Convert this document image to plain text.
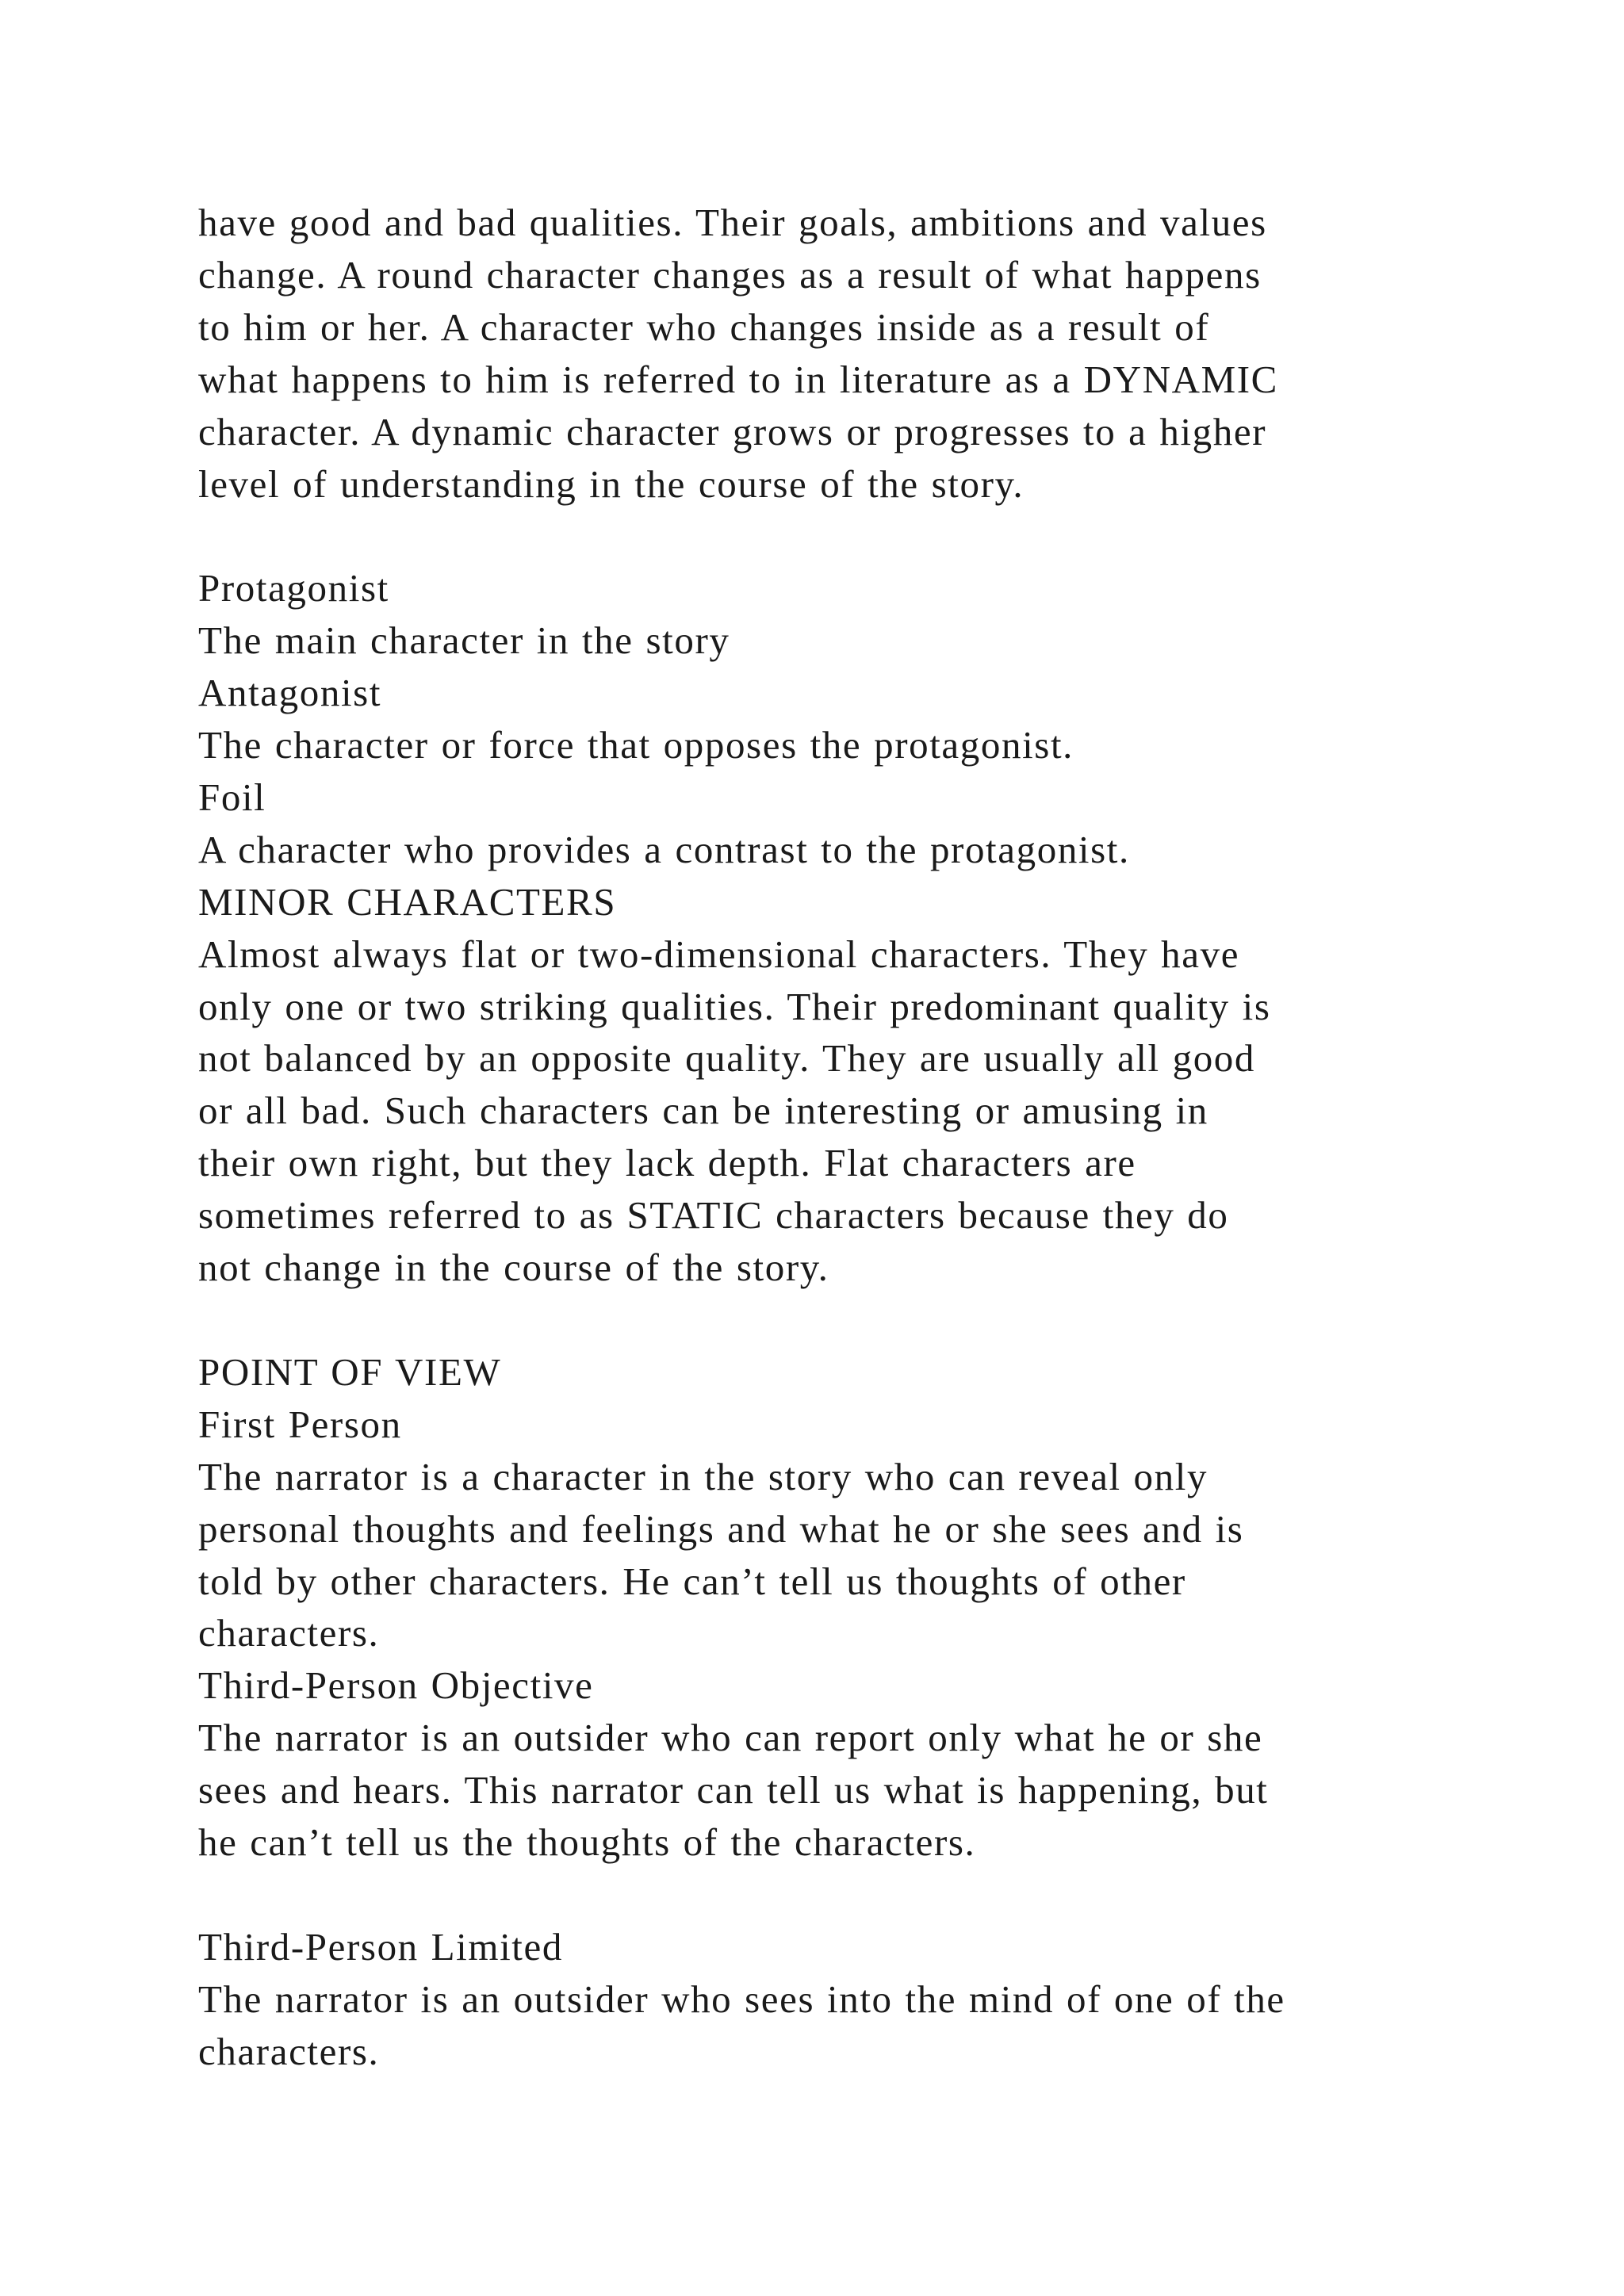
have good and bad qualities. Their goals, ambitions and values
change. A round character changes as a result of what happens
to him or her. A character who changes inside as a result of
what happens to him is referred to in literature as a DYNAMIC
character. A dynamic character grows or progresses to a higher
level of understanding in the course of the story.
Protagonist
The main character in the story
Antagonist
The character or force that opposes the protagonist.
Foil
A character who provides a contrast to the protagonist.
MINOR CHARACTERS
Almost always flat or two-dimensional characters. They have
only one or two striking qualities. Their predominant quality is
not balanced by an opposite quality. They are usually all good
or all bad. Such characters can be interesting or amusing in
their own right, but they lack depth. Flat characters are
sometimes referred to as STATIC characters because they do
not change in the course of the story.
POINT OF VIEW
First Person
The narrator is a character in the story who can reveal only
personal thoughts and feelings and what he or she sees and is
told by other characters. He can’t tell us thoughts of other
characters.
Third-Person Objective
The narrator is an outsider who can report only what he or she
sees and hears. This narrator can tell us what is happening, but
he can’t tell us the thoughts of the characters.
Third-Person Limited
The narrator is an outsider who sees into the mind of one of the
characters.
